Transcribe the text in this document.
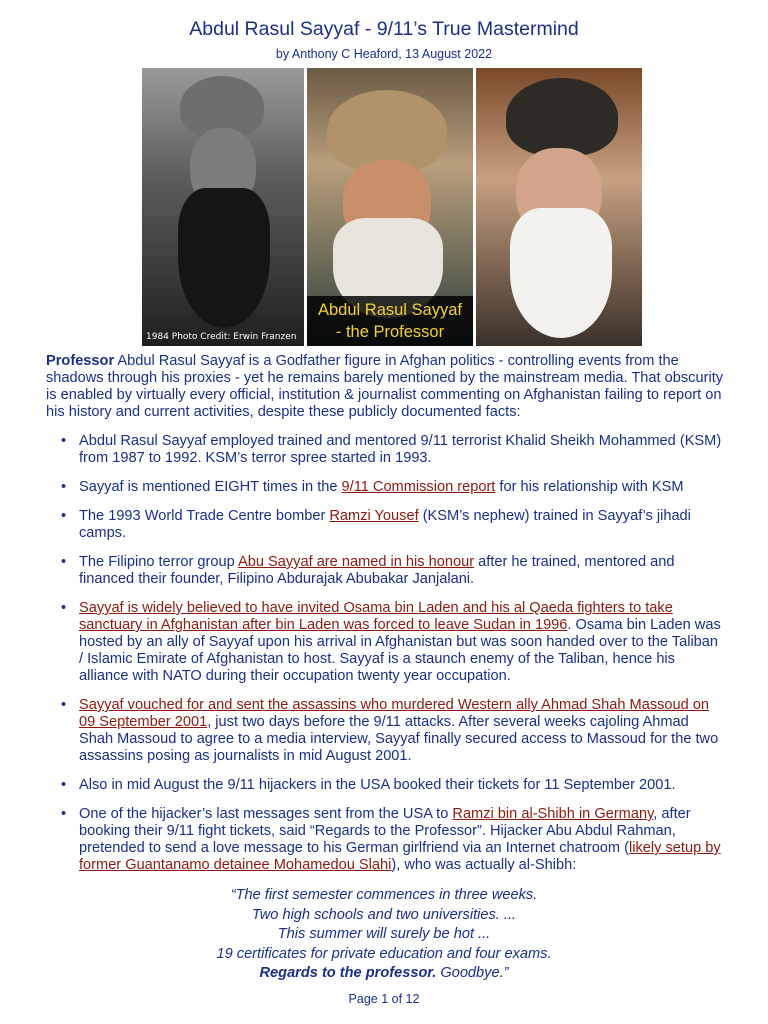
Abdul Rasul Sayyaf - 9/11’s True Mastermind
by Anthony C Heaford, 13 August 2022
1984 Photo Credit: Erwin Franzen
Abdul Rasul Sayyaf
- the Professor
Professor Abdul Rasul Sayyaf is a Godfather figure in Afghan politics - controlling events from the shadows through his proxies - yet he remains barely mentioned by the mainstream media. That obscurity is enabled by virtually every official, institution & journalist commenting on Afghanistan failing to report on his history and current activities, despite these publicly documented facts:
• Abdul Rasul Sayyaf employed trained and mentored 9/11 terrorist Khalid Sheikh Mohammed (KSM) from 1987 to 1992. KSM’s terror spree started in 1993.
• Sayyaf is mentioned EIGHT times in the 9/11 Commission report for his relationship with KSM
• The 1993 World Trade Centre bomber Ramzi Yousef (KSM’s nephew) trained in Sayyaf’s jihadi camps.
• The Filipino terror group Abu Sayyaf are named in his honour after he trained, mentored and financed their founder, Filipino Abdurajak Abubakar Janjalani.
• Sayyaf is widely believed to have invited Osama bin Laden and his al Qaeda fighters to take sanctuary in Afghanistan after bin Laden was forced to leave Sudan in 1996. Osama bin Laden was hosted by an ally of Sayyaf upon his arrival in Afghanistan but was soon handed over to the Taliban / Islamic Emirate of Afghanistan to host. Sayyaf is a staunch enemy of the Taliban, hence his alliance with NATO during their occupation twenty year occupation.
• Sayyaf vouched for and sent the assassins who murdered Western ally Ahmad Shah Massoud on 09 September 2001, just two days before the 9/11 attacks. After several weeks cajoling Ahmad Shah Massoud to agree to a media interview, Sayyaf finally secured access to Massoud for the two assassins posing as journalists in mid August 2001.
• Also in mid August the 9/11 hijackers in the USA booked their tickets for 11 September 2001.
• One of the hijacker’s last messages sent from the USA to Ramzi bin al-Shibh in Germany, after booking their 9/11 fight tickets, said “Regards to the Professor”. Hijacker Abu Abdul Rahman, pretended to send a love message to his German girlfriend via an Internet chatroom (likely setup by former Guantanamo detainee Mohamedou Slahi), who was actually al-Shibh:
“The first semester commences in three weeks.
Two high schools and two universities. ...
This summer will surely be hot ...
19 certificates for private education and four exams.
Regards to the professor. Goodbye.”
Page 1 of 12
